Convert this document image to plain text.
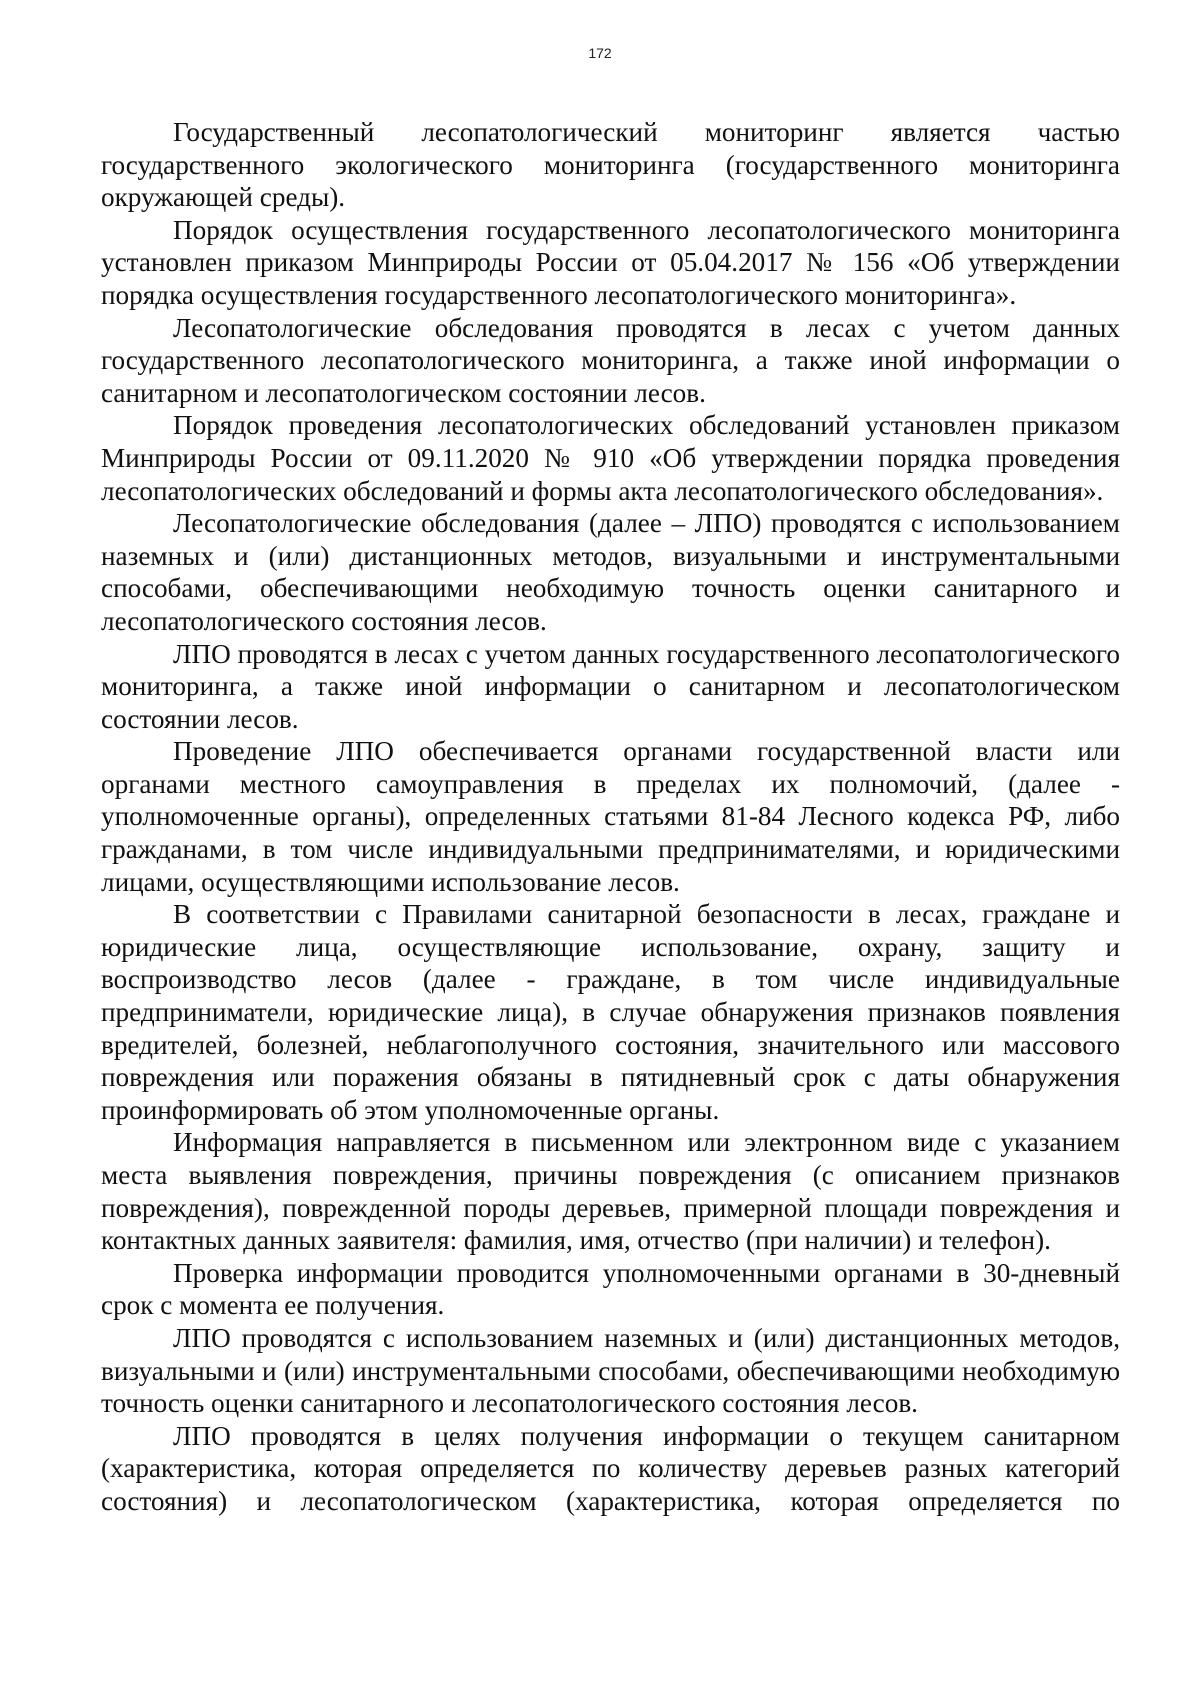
172

Государственный лесопатологический мониторинг является частью государственного экологического мониторинга (государственного мониторинга окружающей среды).

Порядок осуществления государственного лесопатологического мониторинга установлен приказом Минприроды России от 05.04.2017 № 156 «Об утверждении порядка осуществления государственного лесопатологического мониторинга».

Лесопатологические обследования проводятся в лесах с учетом данных государственного лесопатологического мониторинга, а также иной информации о санитарном и лесопатологическом состоянии лесов.

Порядок проведения лесопатологических обследований установлен приказом Минприроды России от 09.11.2020 № 910 «Об утверждении порядка проведения лесопатологических обследований и формы акта лесопатологического обследования».

Лесопатологические обследования (далее – ЛПО) проводятся с использованием наземных и (или) дистанционных методов, визуальными и инструментальными способами, обеспечивающими необходимую точность оценки санитарного и лесопатологического состояния лесов.

ЛПО проводятся в лесах с учетом данных государственного лесопатологического мониторинга, а также иной информации о санитарном и лесопатологическом состоянии лесов.

Проведение ЛПО обеспечивается органами государственной власти или органами местного самоуправления в пределах их полномочий, (далее - уполномоченные органы), определенных статьями 81-84 Лесного кодекса РФ, либо гражданами, в том числе индивидуальными предпринимателями, и юридическими лицами, осуществляющими использование лесов.

В соответствии с Правилами санитарной безопасности в лесах, граждане и юридические лица, осуществляющие использование, охрану, защиту и воспроизводство лесов (далее - граждане, в том числе индивидуальные предприниматели, юридические лица), в случае обнаружения признаков появления вредителей, болезней, неблагополучного состояния, значительного или массового повреждения или поражения обязаны в пятидневный срок с даты обнаружения проинформировать об этом уполномоченные органы.

Информация направляется в письменном или электронном виде с указанием места выявления повреждения, причины повреждения (с описанием признаков повреждения), поврежденной породы деревьев, примерной площади повреждения и контактных данных заявителя: фамилия, имя, отчество (при наличии) и телефон).

Проверка информации проводится уполномоченными органами в 30-дневный срок с момента ее получения.

ЛПО проводятся с использованием наземных и (или) дистанционных методов, визуальными и (или) инструментальными способами, обеспечивающими необходимую точность оценки санитарного и лесопатологического состояния лесов.

ЛПО проводятся в целях получения информации о текущем санитарном (характеристика, которая определяется по количеству деревьев разных категорий состояния) и лесопатологическом (характеристика, которая определяется по
